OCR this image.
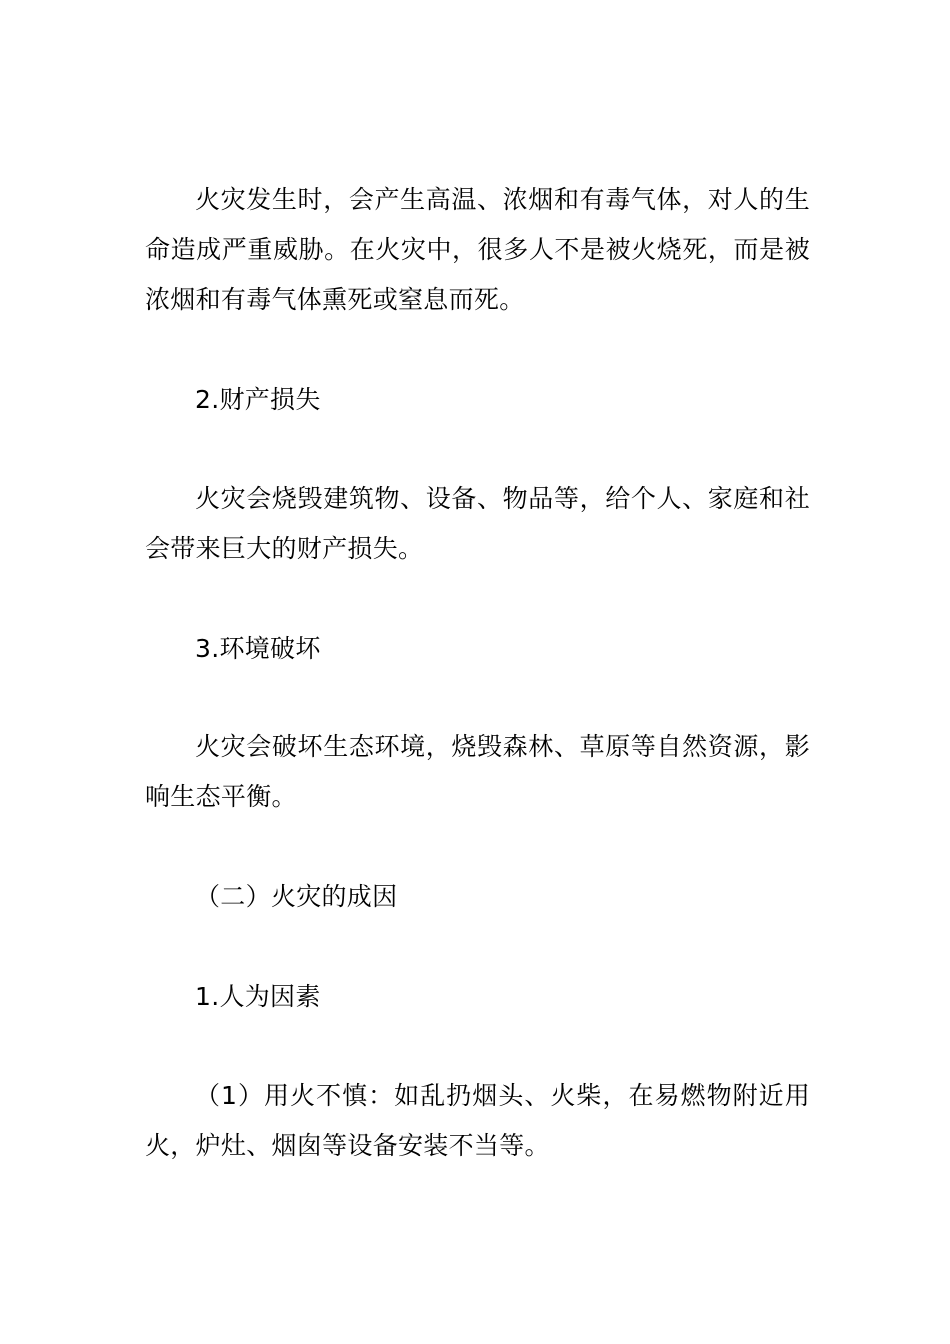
火灾发生时，会产生高温、浓烟和有毒气体，对人的生命造成严重威胁。在火灾中，很多人不是被火烧死，而是被浓烟和有毒气体熏死或窒息而死。

2.财产损失

火灾会烧毁建筑物、设备、物品等，给个人、家庭和社会带来巨大的财产损失。

3.环境破坏

火灾会破坏生态环境，烧毁森林、草原等自然资源，影响生态平衡。

（二）火灾的成因

1.人为因素

（1）用火不慎：如乱扔烟头、火柴，在易燃物附近用火，炉灶、烟囱等设备安装不当等。
